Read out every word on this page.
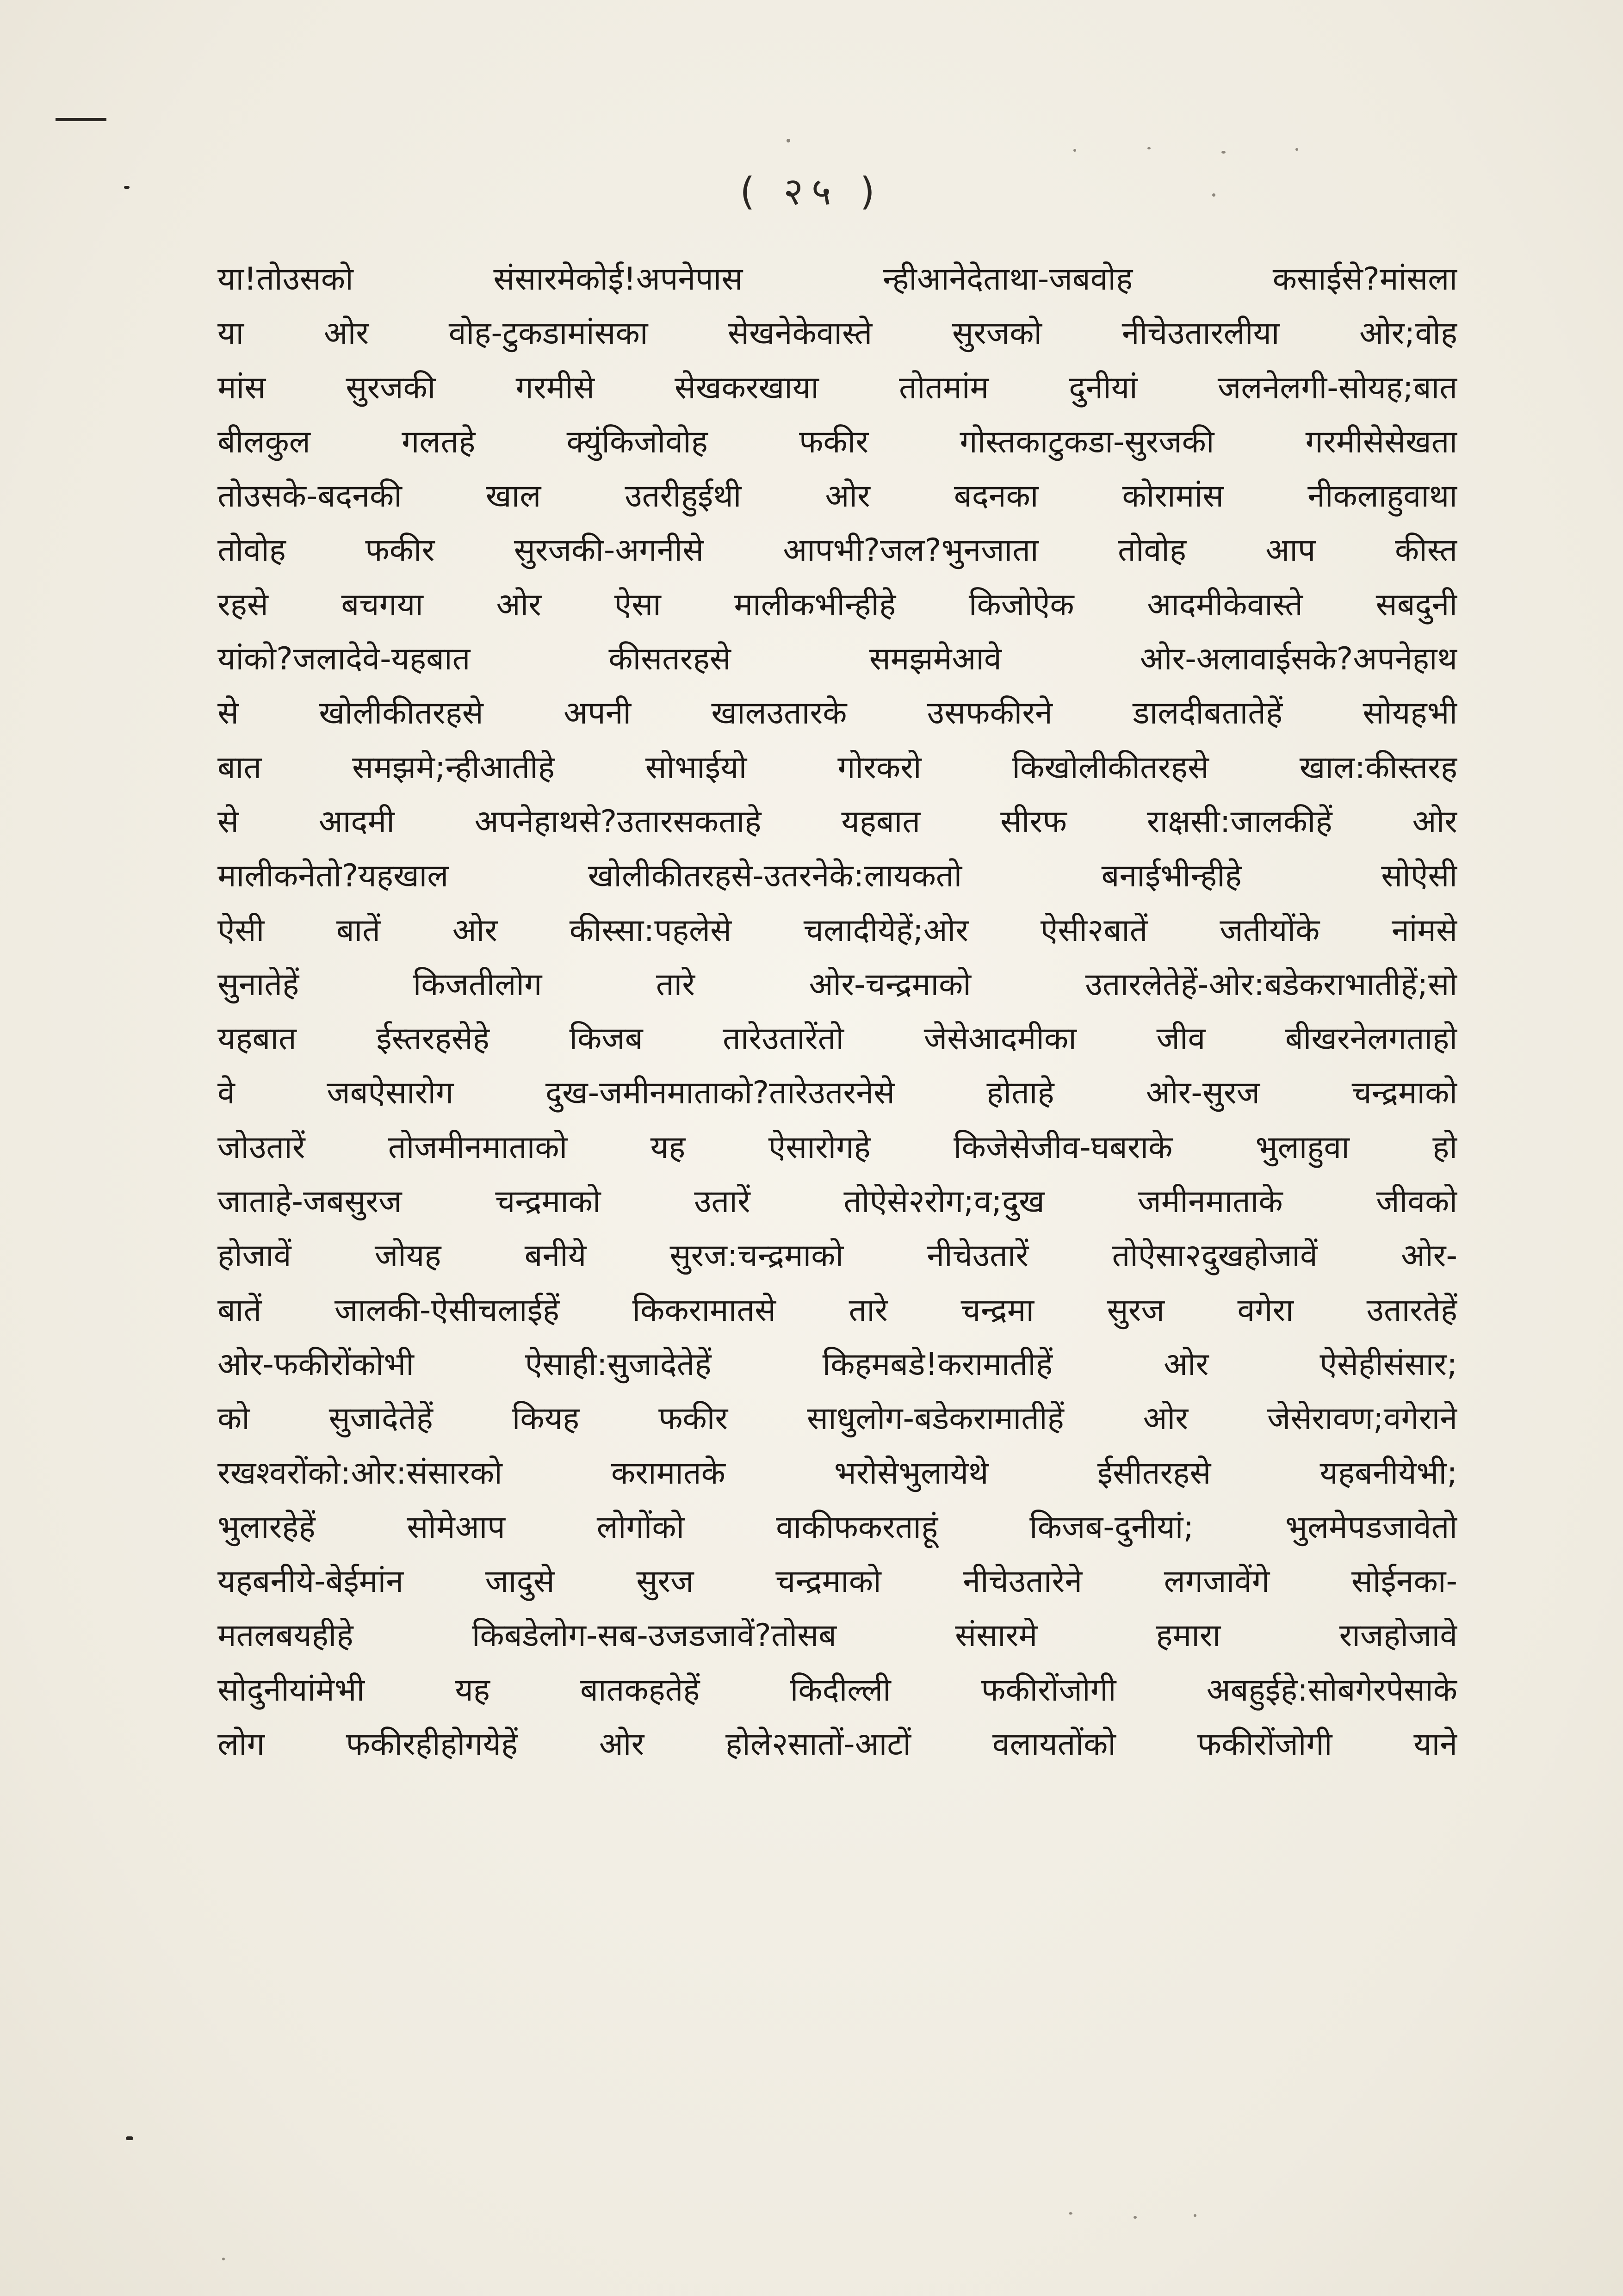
( २५ )
या!तोउसको संसारमेकोई!अपनेपास न्हीआनेदेताथा-जबवोह कसाईसे?मांसला
या ओर वोह-टुकडामांसका सेखनेकेवास्ते सुरजको नीचेउतारलीया ओर;वोह
मांस सुरजकी गरमीसे सेखकरखाया तोतमांम दुनीयां जलनेलगी-सोयह;बात
बीलकुल गलतहे क्युंकिजोवोह फकीर गोस्तकाटुकडा-सुरजकी गरमीसेसेखता
तोउसके-बदनकी खाल उतरीहुईथी ओर बदनका कोरामांस नीकलाहुवाथा
तोवोह फकीर सुरजकी-अगनीसे आपभी?जल?भुनजाता तोवोह आप कीस्त
रहसे बचगया ओर ऐसा मालीकभीन्हीहे किजोऐक आदमीकेवास्ते सबदुनी
यांको?जलादेवे-यहबात कीसतरहसे समझमेआवे ओर-अलावाईसके?अपनेहाथ
से खोलीकीतरहसे अपनी खालउतारके उसफकीरने डालदीबतातेहें सोयहभी
बात समझमे;न्हीआतीहे सोभाईयो गोरकरो किखोलीकीतरहसे खाल:कीस्तरह
से आदमी अपनेहाथसे?उतारसकताहे यहबात सीरफ राक्षसी:जालकीहें ओर
मालीकनेतो?यहखाल खोलीकीतरहसे-उतरनेके:लायकतो बनाईभीन्हीहे सोऐसी
ऐसी बातें ओर कीस्सा:पहलेसे चलादीयेहें;ओर ऐसी२बातें जतीयोंके नांमसे
सुनातेहें किजतीलोग तारे ओर-चन्द्रमाको उतारलेतेहें-ओर:बडेकराभातीहें;सो
यहबात ईस्तरहसेहे किजब तारेउतारेंतो जेसेआदमीका जीव बीखरनेलगताहो
वे जबऐसारोग दुख-जमीनमाताको?तारेउतरनेसे होताहे ओर-सुरज चन्द्रमाको
जोउतारें तोजमीनमाताको यह ऐसारोगहे किजेसेजीव-घबराके भुलाहुवा हो
जाताहे-जबसुरज चन्द्रमाको उतारें तोऐसे२रोग;व;दुख जमीनमाताके जीवको
होजावें जोयह बनीये सुरज:चन्द्रमाको नीचेउतारें तोऐसा२दुखहोजावें ओर-
बातें जालकी-ऐसीचलाईहें किकरामातसे तारे चन्द्रमा सुरज वगेरा उतारतेहें
ओर-फकीरोंकोभी ऐसाही:सुजादेतेहें किहमबडे!करामातीहें ओर ऐसेहीसंसार;
को सुजादेतेहें कियह फकीर साधुलोग-बडेकरामातीहें ओर जेसेरावण;वगेराने
रखश्वरोंको:ओर:संसारको करामातके भरोसेभुलायेथे ईसीतरहसे यहबनीयेभी;
भुलारहेहें सोमेआप लोगोंको वाकीफकरताहूं किजब-दुनीयां; भुलमेपडजावेतो
यहबनीये-बेईमांन जादुसे सुरज चन्द्रमाको नीचेउतारेने लगजावेंगे सोईनका-
मतलबयहीहे किबडेलोग-सब-उजडजावें?तोसब संसारमे हमारा राजहोजावे
सोदुनीयांमेभी यह बातकहतेहें किदील्ली फकीरोंजोगी अबहुईहे:सोबगेरपेसाके
लोग फकीरहीहोगयेहें ओर होले२सातों-आटों वलायतोंको फकीरोंजोगी याने
